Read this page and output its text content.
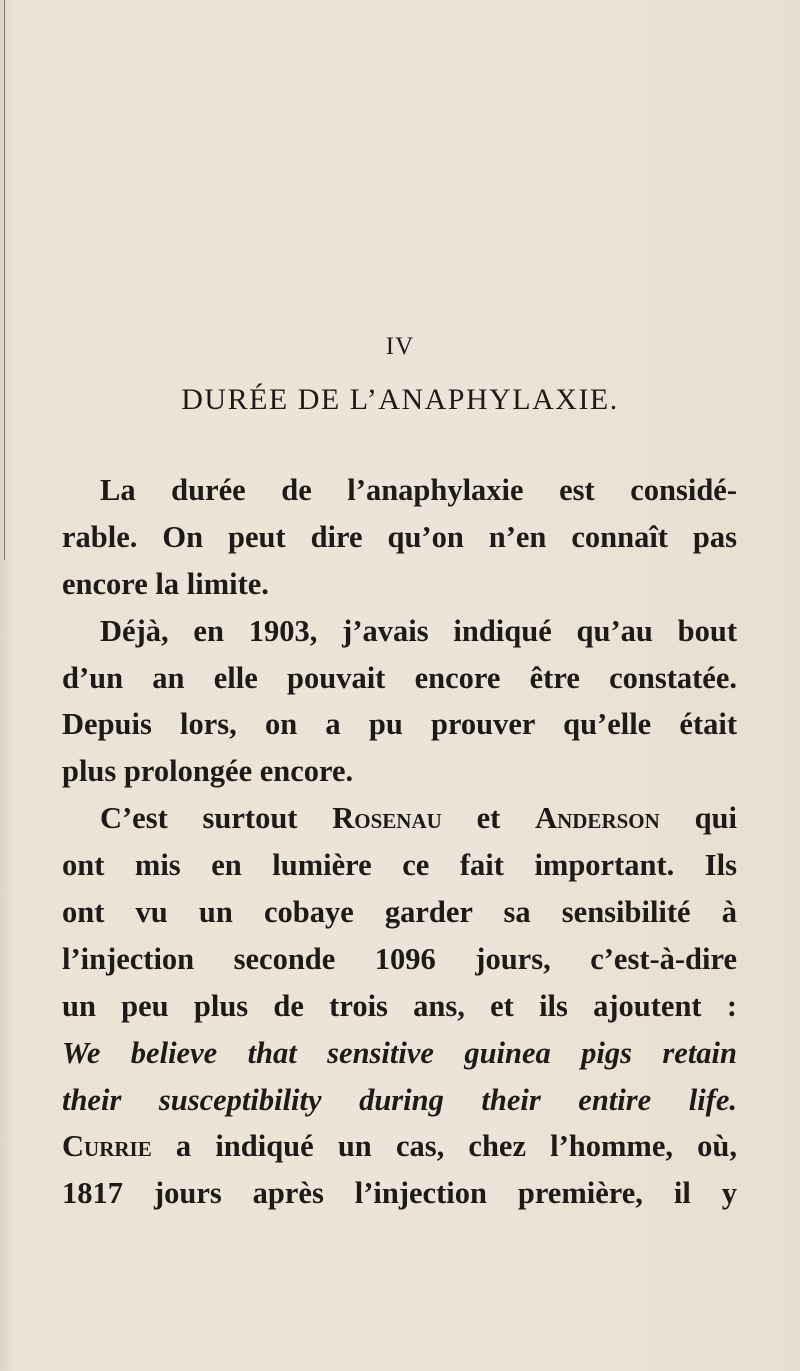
IV
DURÉE DE L’ANAPHYLAXIE.
La durée de l’anaphylaxie est considé-
rable. On peut dire qu’on n’en connaît pas
encore la limite.
Déjà, en 1903, j’avais indiqué qu’au bout
d’un an elle pouvait encore être constatée.
Depuis lors, on a pu prouver qu’elle était
plus prolongée encore.
C’est surtout Rosenau et Anderson qui
ont mis en lumière ce fait important. Ils
ont vu un cobaye garder sa sensibilité à
l’injection seconde 1096 jours, c’est-à-dire
un peu plus de trois ans, et ils ajoutent :
We believe that sensitive guinea pigs retain
their susceptibility during their entire life.
Currie a indiqué un cas, chez l’homme, où,
1817 jours après l’injection première, il y
